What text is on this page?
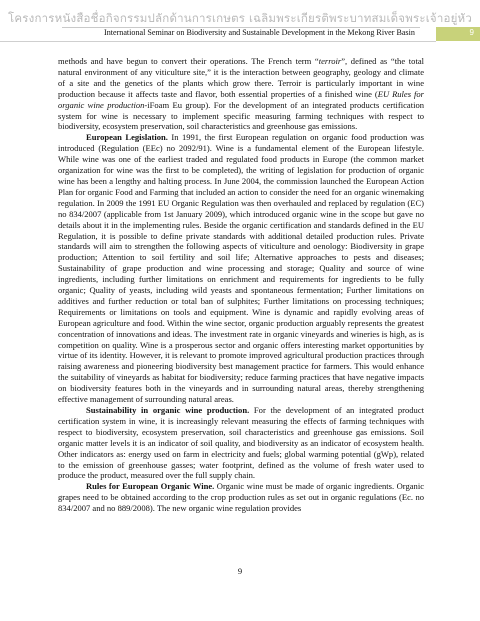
โครงการหนังสือชื่อกิจกรรมปลักด้านการเกษตร เฉลิมพระเกียรติพระบาทสมเด็จพระเจ้าอยู่หัว
International Seminar on Biodiversity and Sustainable Development in the Mekong River Basin	9

methods and have begun to convert their operations. The French term “terroir”, defined as “the total natural environment of any viticulture site,” it is the interaction between geography, geology and climate of a site and the genetics of the plants which grow there. Terroir is particularly important in wine production because it affects taste and flavor, both essential properties of a finished wine (EU Rules for organic wine production-iFoam Eu group). For the development of an integrated products certification system for wine is necessary to implement specific measuring farming techniques with respect to biodiversity, ecosystem preservation, soil characteristics and greenhouse gas emissions.

European Legislation. In 1991, the first European regulation on organic food production was introduced (Regulation (EEc) no 2092/91). Wine is a fundamental element of the European lifestyle. While wine was one of the earliest traded and regulated food products in Europe (the common market organization for wine was the first to be completed), the writing of legislation for production of organic wine has been a lengthy and halting process. In June 2004, the commission launched the European Action Plan for organic Food and Farming that included an action to consider the need for an organic winemaking regulation. In 2009 the 1991 EU Organic Regulation was then overhauled and replaced by regulation (EC) no 834/2007 (applicable from 1st January 2009), which introduced organic wine in the scope but gave no details about it in the implementing rules. Beside the organic certification and standards defined in the EU Regulation, it is possible to define private standards with additional detailed production rules. Private standards will aim to strengthen the following aspects of viticulture and oenology: Biodiversity in grape production; Attention to soil fertility and soil life; Alternative approaches to pests and diseases; Sustainability of grape production and wine processing and storage; Quality and source of wine ingredients, including further limitations on enrichment and requirements for ingredients to be fully organic; Quality of yeasts, including wild yeasts and spontaneous fermentation; Further limitations on additives and further reduction or total ban of sulphites; Further limitations on processing techniques; Requirements or limitations on tools and equipment. Wine is dynamic and rapidly evolving areas of European agriculture and food. Within the wine sector, organic production arguably represents the greatest concentration of innovations and ideas. The investment rate in organic vineyards and wineries is high, as is competition on quality. Wine is a prosperous sector and organic offers interesting market opportunities by virtue of its identity. However, it is relevant to promote improved agricultural production practices through raising awareness and pioneering biodiversity best management practice for farmers. This would enhance the suitability of vineyards as habitat for biodiversity; reduce farming practices that have negative impacts on biodiversity features both in the vineyards and in surrounding natural areas, thereby strengthening effective management of surrounding natural areas.

Sustainability in organic wine production. For the development of an integrated product certification system in wine, it is increasingly relevant measuring the effects of farming techniques with respect to biodiversity, ecosystem preservation, soil characteristics and greenhouse gas emissions. Soil organic matter levels it is an indicator of soil quality, and biodiversity as an indicator of ecosystem health. Other indicators as: energy used on farm in electricity and fuels; global warming potential (gWp), related to the emission of greenhouse gasses; water footprint, defined as the volume of fresh water used to produce the product, measured over the full supply chain.

Rules for European Organic Wine. Organic wine must be made of organic ingredients. Organic grapes need to be obtained according to the crop production rules as set out in organic regulations (Ec. no 834/2007 and no 889/2008). The new organic wine regulation provides

9
